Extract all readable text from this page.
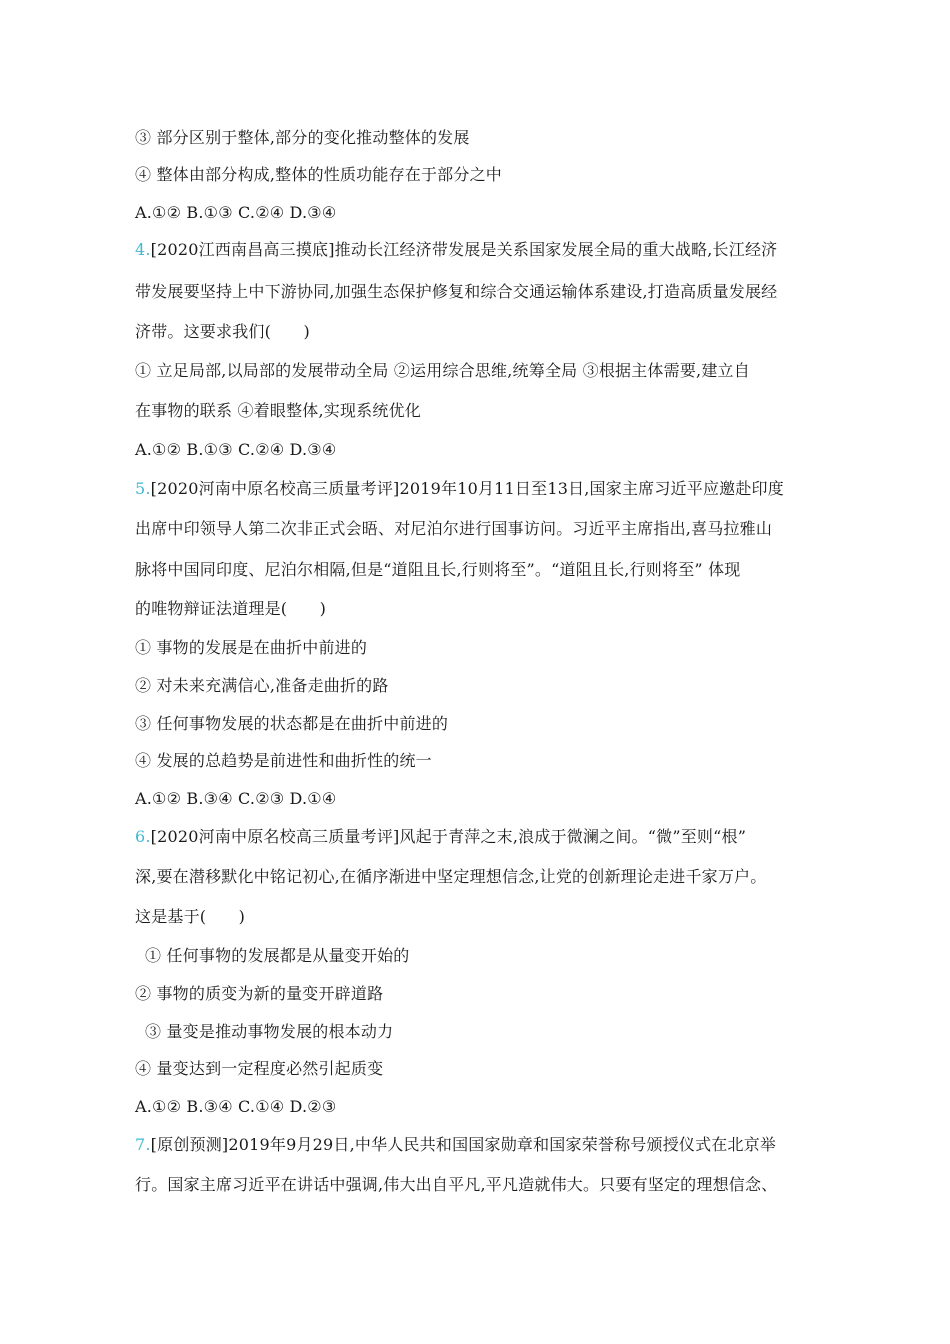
③ 部分区别于整体,部分的变化推动整体的发展
④ 整体由部分构成,整体的性质功能存在于部分之中
A.①② B.①③ C.②④ D.③④
4.[2020江西南昌高三摸底]推动长江经济带发展是关系国家发展全局的重大战略,长江经济
带发展要坚持上中下游协同,加强生态保护修复和综合交通运输体系建设,打造高质量发展经
济带。这要求我们(　　)
① 立足局部,以局部的发展带动全局 ②运用综合思维,统筹全局 ③根据主体需要,建立自
在事物的联系 ④着眼整体,实现系统优化
A.①② B.①③ C.②④ D.③④
5.[2020河南中原名校高三质量考评]2019年10月11日至13日,国家主席习近平应邀赴印度
出席中印领导人第二次非正式会晤、对尼泊尔进行国事访问。习近平主席指出,喜马拉雅山
脉将中国同印度、尼泊尔相隔,但是“道阻且长,行则将至”。“道阻且长,行则将至” 体现
的唯物辩证法道理是(　　)
① 事物的发展是在曲折中前进的
② 对未来充满信心,准备走曲折的路
③ 任何事物发展的状态都是在曲折中前进的
④ 发展的总趋势是前进性和曲折性的统一
A.①② B.③④ C.②③ D.①④
6.[2020河南中原名校高三质量考评]风起于青萍之末,浪成于微澜之间。“微”至则“根”
深,要在潜移默化中铭记初心,在循序渐进中坚定理想信念,让党的创新理论走进千家万户。
这是基于(　　)
① 任何事物的发展都是从量变开始的
② 事物的质变为新的量变开辟道路
③ 量变是推动事物发展的根本动力
④ 量变达到一定程度必然引起质变
A.①② B.③④ C.①④ D.②③
7.[原创预测]2019年9月29日,中华人民共和国国家勋章和国家荣誉称号颁授仪式在北京举
行。国家主席习近平在讲话中强调,伟大出自平凡,平凡造就伟大。只要有坚定的理想信念、
